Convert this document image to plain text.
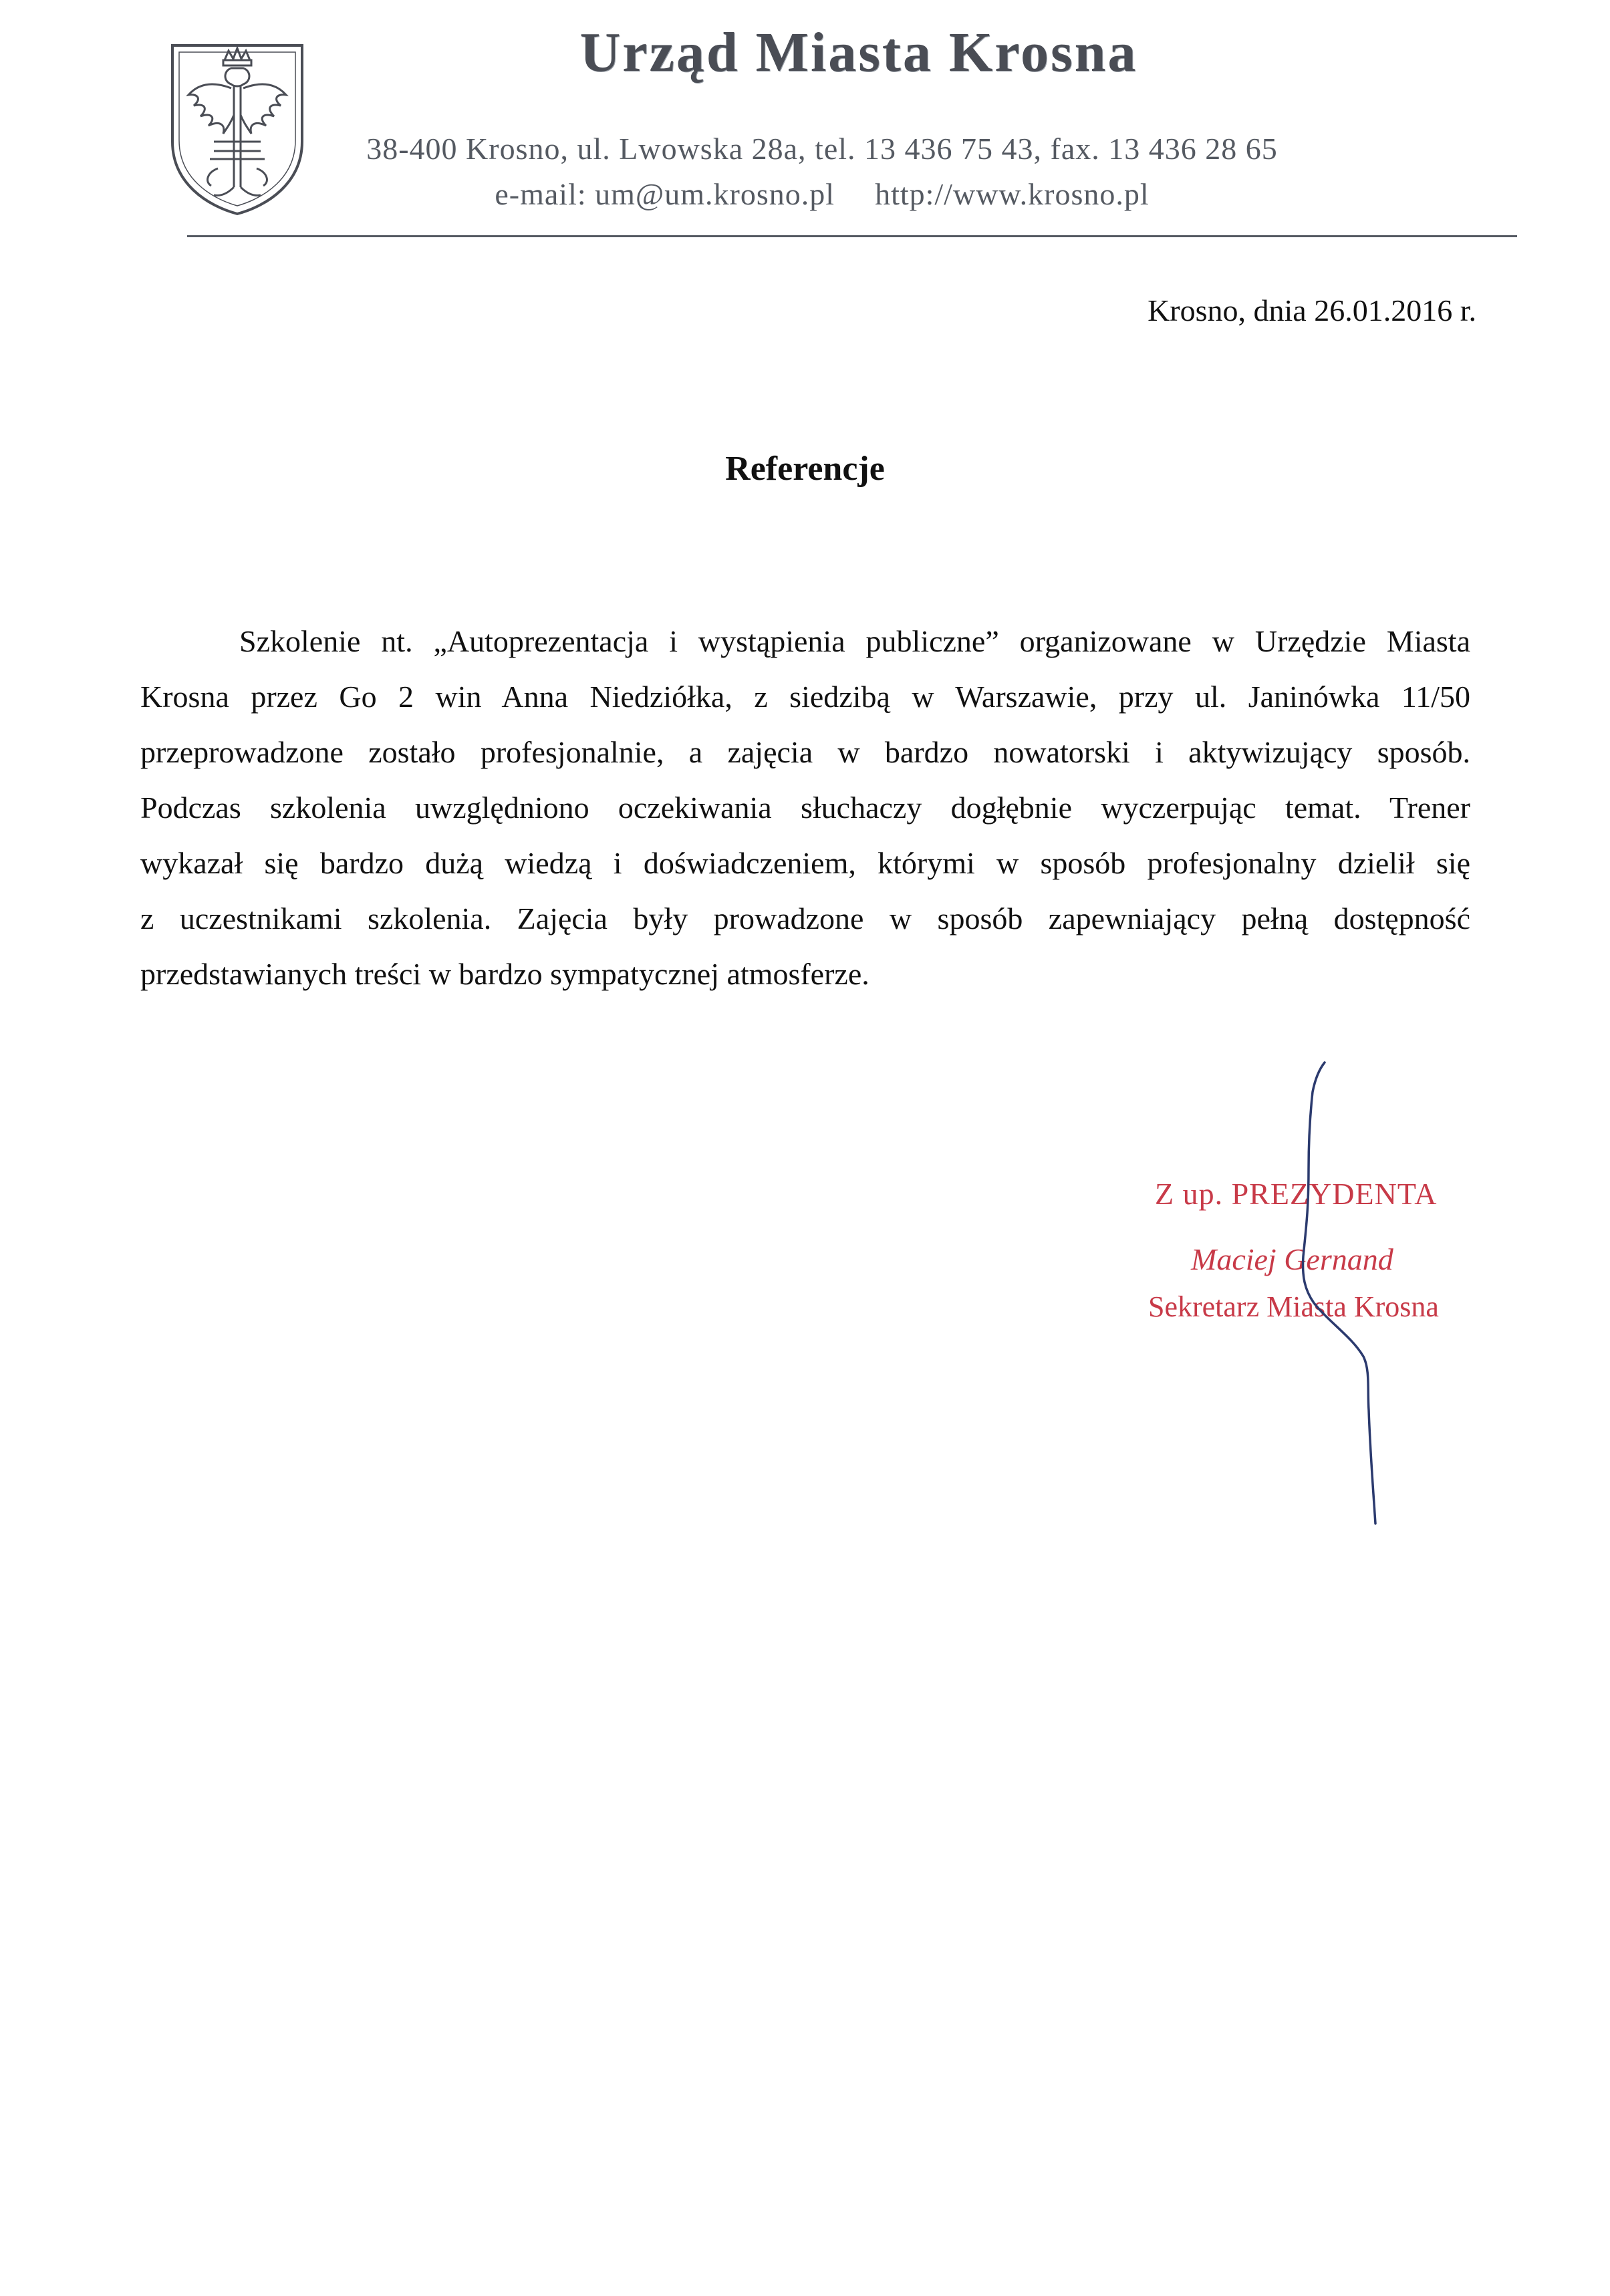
Urząd Miasta Krosna
38-400 Krosno, ul. Lwowska 28a, tel. 13 436 75 43, fax. 13 436 28 65
e-mail: um@um.krosno.pl http://www.krosno.pl
Krosno, dnia 26.01.2016 r.
Referencje
Szkolenie nt. „Autoprezentacja i wystąpienia publiczne” organizowane w Urzędzie Miasta
Krosna przez Go 2 win Anna Niedziółka, z siedzibą w Warszawie, przy ul. Janinówka 11/50
przeprowadzone zostało profesjonalnie, a zajęcia w bardzo nowatorski i aktywizujący sposób.
Podczas szkolenia uwzględniono oczekiwania słuchaczy dogłębnie wyczerpując temat. Trener
wykazał się bardzo dużą wiedzą i doświadczeniem, którymi w sposób profesjonalny dzielił się
z uczestnikami szkolenia. Zajęcia były prowadzone w sposób zapewniający pełną dostępność
przedstawianych treści w bardzo sympatycznej atmosferze.
Z up. PREZYDENTA
Maciej Gernand
Sekretarz Miasta Krosna
